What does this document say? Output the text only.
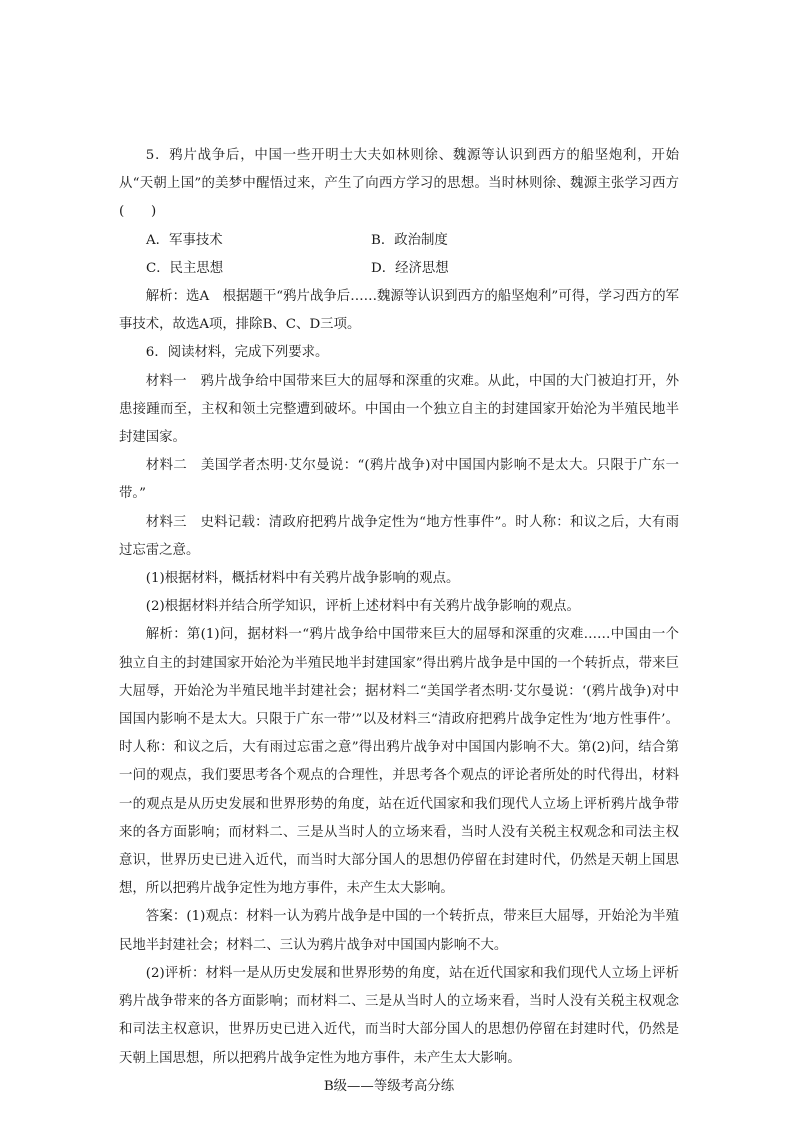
5．鸦片战争后，中国一些开明士大夫如林则徐、魏源等认识到西方的船坚炮利，开始从“天朝上国”的美梦中醒悟过来，产生了向西方学习的思想。当时林则徐、魏源主张学习西方(　　)

A．军事技术	B．政治制度
C．民主思想	D．经济思想

解析：选A　根据题干“鸦片战争后……魏源等认识到西方的船坚炮利”可得，学习西方的军事技术，故选A项，排除B、C、D三项。

6．阅读材料，完成下列要求。

材料一　鸦片战争给中国带来巨大的屈辱和深重的灾难。从此，中国的大门被迫打开，外患接踵而至，主权和领土完整遭到破坏。中国由一个独立自主的封建国家开始沦为半殖民地半封建国家。

材料二　美国学者杰明·艾尔曼说：“(鸦片战争)对中国国内影响不是太大。只限于广东一带。”

材料三　史料记载：清政府把鸦片战争定性为“地方性事件”。时人称：和议之后，大有雨过忘雷之意。

(1)根据材料，概括材料中有关鸦片战争影响的观点。

(2)根据材料并结合所学知识，评析上述材料中有关鸦片战争影响的观点。

解析：第(1)问，据材料一“鸦片战争给中国带来巨大的屈辱和深重的灾难……中国由一个独立自主的封建国家开始沦为半殖民地半封建国家”得出鸦片战争是中国的一个转折点，带来巨大屈辱，开始沦为半殖民地半封建社会；据材料二“美国学者杰明·艾尔曼说：‘(鸦片战争)对中国国内影响不是太大。只限于广东一带’”以及材料三“清政府把鸦片战争定性为‘地方性事件’。时人称：和议之后，大有雨过忘雷之意”得出鸦片战争对中国国内影响不大。第(2)问，结合第一问的观点，我们要思考各个观点的合理性，并思考各个观点的评论者所处的时代得出，材料一的观点是从历史发展和世界形势的角度，站在近代国家和我们现代人立场上评析鸦片战争带来的各方面影响；而材料二、三是从当时人的立场来看，当时人没有关税主权观念和司法主权意识，世界历史已进入近代，而当时大部分国人的思想仍停留在封建时代，仍然是天朝上国思想，所以把鸦片战争定性为地方事件，未产生太大影响。

答案：(1)观点：材料一认为鸦片战争是中国的一个转折点，带来巨大屈辱，开始沦为半殖民地半封建社会；材料二、三认为鸦片战争对中国国内影响不大。

(2)评析：材料一是从历史发展和世界形势的角度，站在近代国家和我们现代人立场上评析鸦片战争带来的各方面影响；而材料二、三是从当时人的立场来看，当时人没有关税主权观念和司法主权意识，世界历史已进入近代，而当时大部分国人的思想仍停留在封建时代，仍然是天朝上国思想，所以把鸦片战争定性为地方事件，未产生太大影响。

B级——等级考高分练
